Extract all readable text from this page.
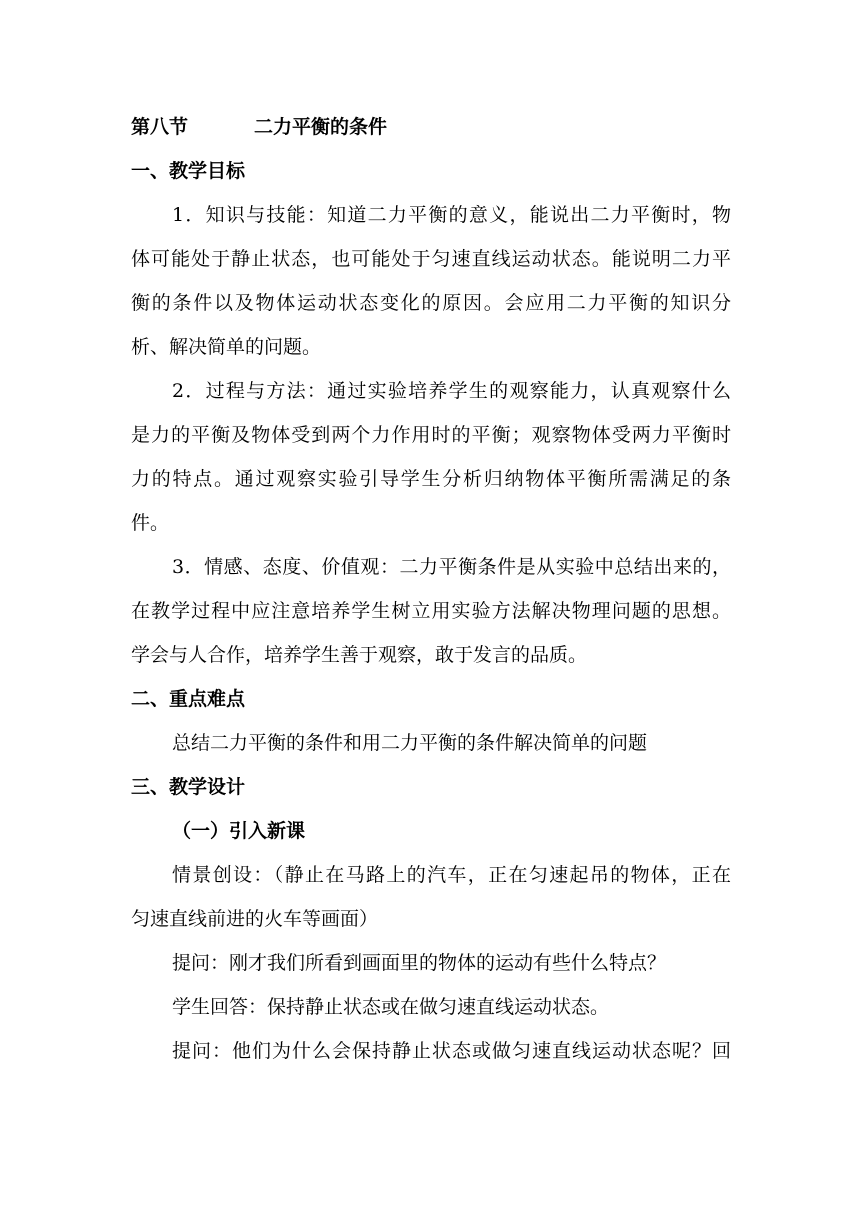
第八节	二力平衡的条件
一、教学目标
1．知识与技能：知道二力平衡的意义，能说出二力平衡时，物
体可能处于静止状态，也可能处于匀速直线运动状态。能说明二力平
衡的条件以及物体运动状态变化的原因。会应用二力平衡的知识分
析、解决简单的问题。
2．过程与方法：通过实验培养学生的观察能力，认真观察什么
是力的平衡及物体受到两个力作用时的平衡；观察物体受两力平衡时
力的特点。通过观察实验引导学生分析归纳物体平衡所需满足的条
件。
3．情感、态度、价值观：二力平衡条件是从实验中总结出来的，
在教学过程中应注意培养学生树立用实验方法解决物理问题的思想。
学会与人合作，培养学生善于观察，敢于发言的品质。
二、重点难点
总结二力平衡的条件和用二力平衡的条件解决简单的问题
三、教学设计
（一）引入新课
情景创设：（静止在马路上的汽车，正在匀速起吊的物体，正在
匀速直线前进的火车等画面）
提问：刚才我们所看到画面里的物体的运动有些什么特点？
学生回答：保持静止状态或在做匀速直线运动状态。
提问：他们为什么会保持静止状态或做匀速直线运动状态呢？回
